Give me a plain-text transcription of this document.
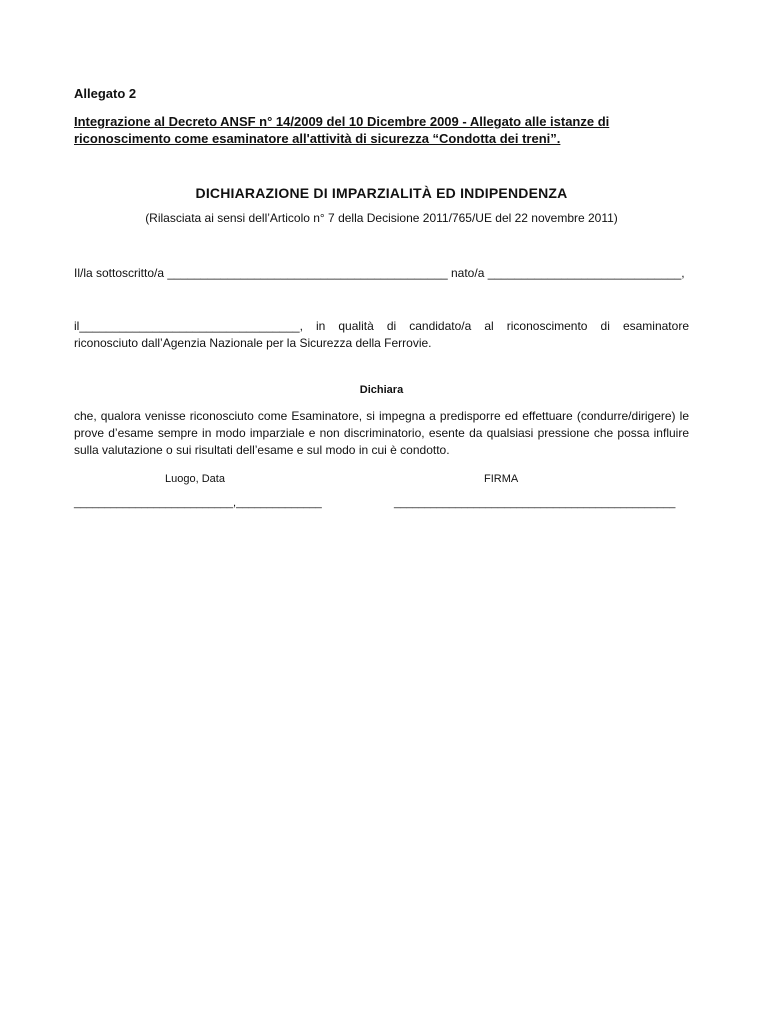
Allegato 2
Integrazione al Decreto ANSF n° 14/2009 del 10 Dicembre 2009 - Allegato alle istanze di
riconoscimento come esaminatore all'attività di sicurezza “Condotta dei treni”.
DICHIARAZIONE DI IMPARZIALITÀ ED INDIPENDENZA
(Rilasciata ai sensi dell’Articolo n° 7 della Decisione 2011/765/UE del 22 novembre 2011)
Il/la sottoscritto/a __________________________________________ nato/a _____________________________,
il_________________________________, in qualità di candidato/a al riconoscimento di esaminatore
riconosciuto dall’Agenzia Nazionale per la Sicurezza della Ferrovie.
Dichiara
che, qualora venisse riconosciuto come Esaminatore, si impegna a predisporre ed effettuare (condurre/dirigere) le prove d’esame sempre in modo imparziale e non discriminatorio, esente da qualsiasi pressione che possa influire sulla valutazione o sui risultati dell’esame e sul modo in cui è condotto.
Luogo, Data	FIRMA
__________________________,______________	______________________________________________
